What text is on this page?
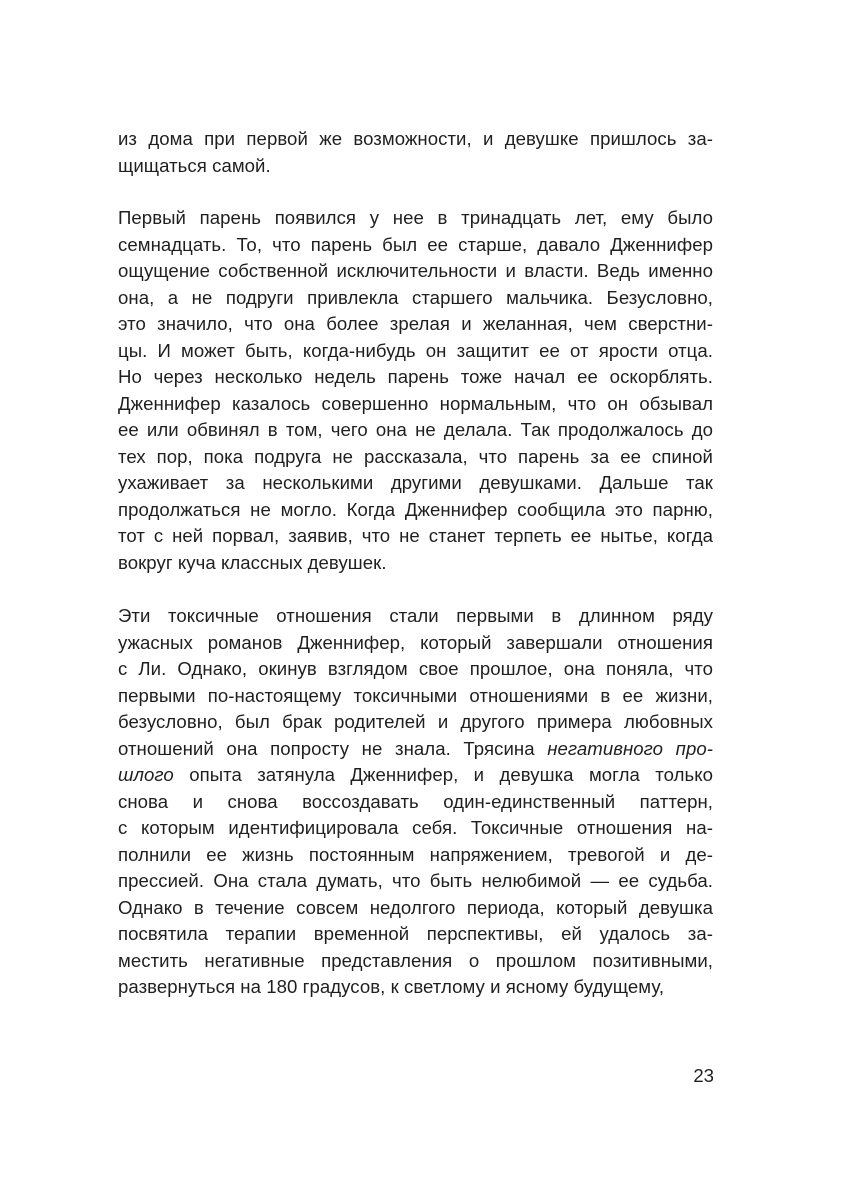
из дома при первой же возможности, и девушке пришлось за-
щищаться самой.
Первый парень появился у нее в тринадцать лет, ему было
семнадцать. То, что парень был ее старше, давало Дженнифер
ощущение собственной исключительности и власти. Ведь именно
она, а не подруги привлекла старшего мальчика. Безусловно,
это значило, что она более зрелая и желанная, чем сверстни-
цы. И может быть, когда-нибудь он защитит ее от ярости отца.
Но через несколько недель парень тоже начал ее оскорблять.
Дженнифер казалось совершенно нормальным, что он обзывал
ее или обвинял в том, чего она не делала. Так продолжалось до
тех пор, пока подруга не рассказала, что парень за ее спиной
ухаживает за несколькими другими девушками. Дальше так
продолжаться не могло. Когда Дженнифер сообщила это парню,
тот с ней порвал, заявив, что не станет терпеть ее нытье, когда
вокруг куча классных девушек.
Эти токсичные отношения стали первыми в длинном ряду
ужасных романов Дженнифер, который завершали отношения
с Ли. Однако, окинув взглядом свое прошлое, она поняла, что
первыми по-настоящему токсичными отношениями в ее жизни,
безусловно, был брак родителей и другого примера любовных
отношений она попросту не знала. Трясина негативного про-
шлого опыта затянула Дженнифер, и девушка могла только
снова и снова воссоздавать один-единственный паттерн,
с которым идентифицировала себя. Токсичные отношения на-
полнили ее жизнь постоянным напряжением, тревогой и де-
прессией. Она стала думать, что быть нелюбимой — ее судьба.
Однако в течение совсем недолгого периода, который девушка
посвятила терапии временной перспективы, ей удалось за-
местить негативные представления о прошлом позитивными,
развернуться на 180 градусов, к светлому и ясному будущему,
23
